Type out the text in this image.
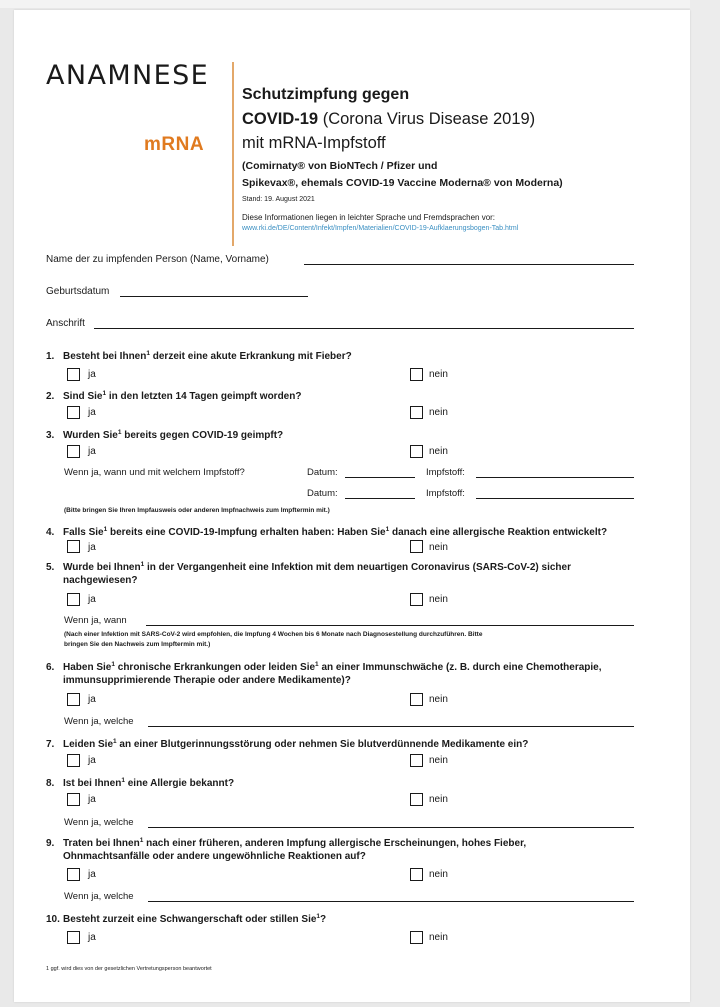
ANAMNESE
mRNA
Schutzimpfung gegen
COVID-19 (Corona Virus Disease 2019)
mit mRNA-Impfstoff
(Comirnaty® von BioNTech / Pfizer und
Spikevax®, ehemals COVID-19 Vaccine Moderna® von Moderna)
Stand: 19. August 2021
Diese Informationen liegen in leichter Sprache und Fremdsprachen vor:
www.rki.de/DE/Content/Infekt/Impfen/Materialien/COVID-19-Aufklaerungsbogen-Tab.html
Name der zu impfenden Person (Name, Vorname)
Geburtsdatum
Anschrift
1. Besteht bei Ihnen$^1$ derzeit eine akute Erkrankung mit Fieber?
ja	nein
2. Sind Sie$^1$ in den letzten 14 Tagen geimpft worden?
ja	nein
3. Wurden Sie$^1$ bereits gegen COVID-19 geimpft?
ja	nein
Wenn ja, wann und mit welchem Impfstoff?	Datum:	Impfstoff:
Datum:	Impfstoff:
(Bitte bringen Sie Ihren Impfausweis oder anderen Impfnachweis zum Impftermin mit.)
4. Falls Sie$^1$ bereits eine COVID-19-Impfung erhalten haben: Haben Sie$^1$ danach eine allergische Reaktion entwickelt?
ja	nein
5. Wurde bei Ihnen$^1$ in der Vergangenheit eine Infektion mit dem neuartigen Coronavirus (SARS-CoV-2) sicher
nachgewiesen?
ja	nein
Wenn ja, wann
(Nach einer Infektion mit SARS-CoV-2 wird empfohlen, die Impfung 4 Wochen bis 6 Monate nach Diagnosestellung durchzuführen. Bitte
bringen Sie den Nachweis zum Impftermin mit.)
6. Haben Sie$^1$ chronische Erkrankungen oder leiden Sie$^1$ an einer Immunschwäche (z. B. durch eine Chemotherapie,
immunsupprimierende Therapie oder andere Medikamente)?
ja	nein
Wenn ja, welche
7. Leiden Sie$^1$ an einer Blutgerinnungsstörung oder nehmen Sie blutverdünnende Medikamente ein?
ja	nein
8. Ist bei Ihnen$^1$ eine Allergie bekannt?
ja	nein
Wenn ja, welche
9. Traten bei Ihnen$^1$ nach einer früheren, anderen Impfung allergische Erscheinungen, hohes Fieber,
Ohnmachtsanfälle oder andere ungewöhnliche Reaktionen auf?
ja	nein
Wenn ja, welche
10. Besteht zurzeit eine Schwangerschaft oder stillen Sie$^1$?
ja	nein
1 ggf. wird dies von der gesetzlichen Vertretungsperson beantwortet
